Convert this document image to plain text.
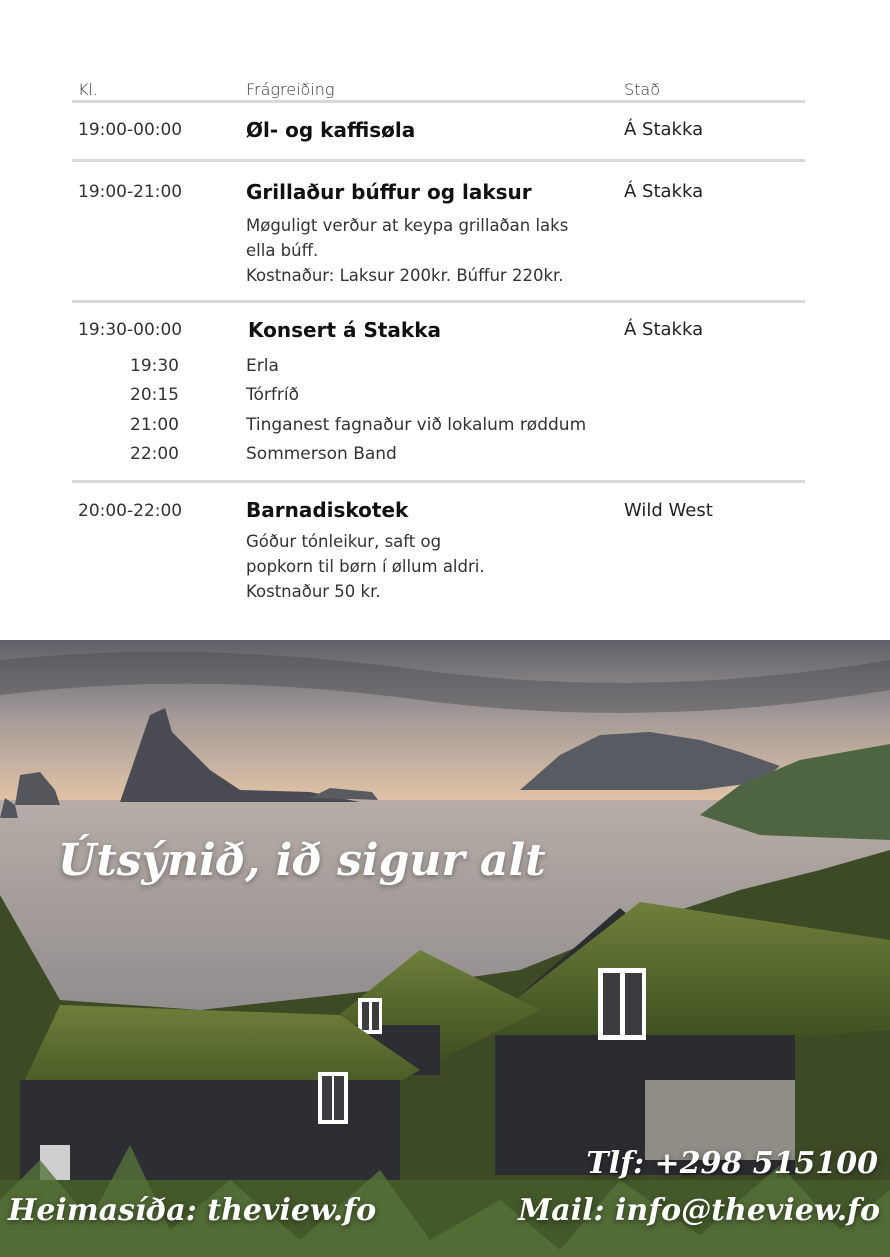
Kl.	Frágreiðing	Stað
19:00-00:00	Øl- og kaffisøla	Á Stakka
19:00-21:00	Grillaður búffur og laksur	Á Stakka
Møguligt verður at keypa grillaðan laks
ella búff.
Kostnaður: Laksur 200kr. Búffur 220kr.
19:30-00:00	Konsert á Stakka	Á Stakka
19:30	Erla
20:15	Tórfríð
21:00	Tinganest fagnaður við lokalum røddum
22:00	Sommerson Band
20:00-22:00	Barnadiskotek	Wild West
Góður tónleikur, saft og
popkorn til børn í øllum aldri.
Kostnaður 50 kr.
Útsýnið, ið sigur alt
Tlf: +298 515100
Heimasíða: theview.fo	Mail: info@theview.fo
